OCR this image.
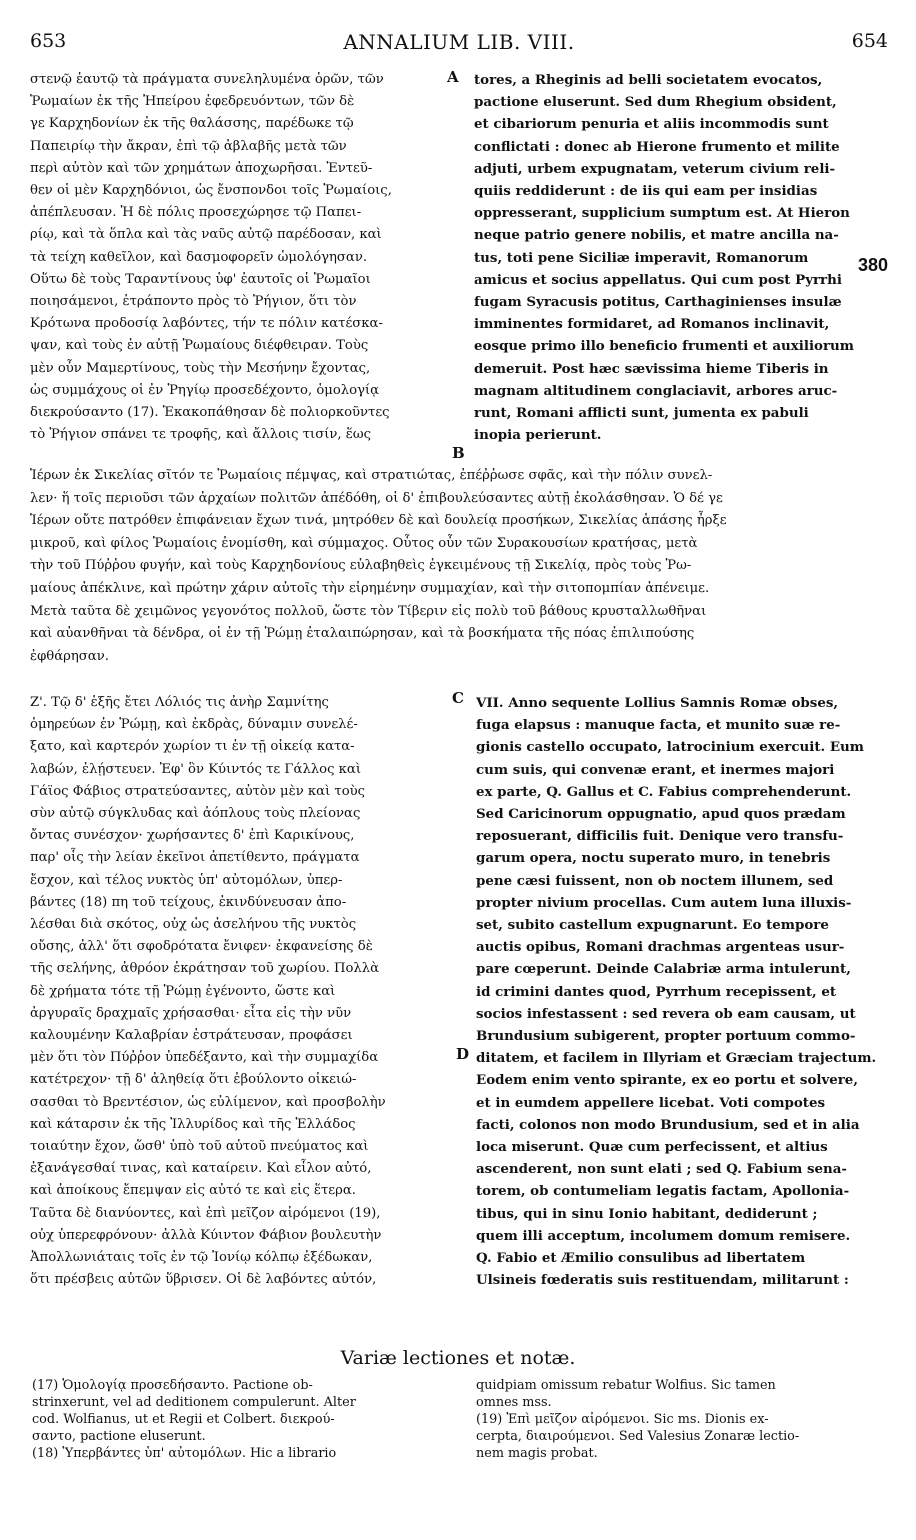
653	ANNALIUM LIB. VIII.	654
A
B
C
D
380
στενῷ ἑαυτῷ τὰ πράγματα συνεληλυμένα ὁρῶν, τῶν
Ῥωμαίων ἐκ τῆς Ἠπείρου ἐφεδρευόντων, τῶν δὲ
γε Καρχηδονίων ἐκ τῆς θαλάσσης, παρέδωκε τῷ
Παπειρίῳ τὴν ἄκραν, ἐπὶ τῷ ἀβλαβῆς μετὰ τῶν
περὶ αὐτὸν καὶ τῶν χρημάτων ἀποχωρῆσαι. Ἐντεῦ-
θεν οἱ μὲν Καρχηδόνιοι, ὡς ἔνσπονδοι τοῖς Ῥωμαίοις,
ἀπέπλευσαν. Ἡ δὲ πόλις προσεχώρησε τῷ Παπει-
ρίῳ, καὶ τὰ ὅπλα καὶ τὰς ναῦς αὐτῷ παρέδοσαν, καὶ
τὰ τείχη καθεῖλον, καὶ δασμοφορεῖν ὡμολόγησαν.
Οὕτω δὲ τοὺς Ταραντίνους ὑφ' ἑαυτοῖς οἱ Ῥωμαῖοι
ποιησάμενοι, ἐτράποντο πρὸς τὸ Ῥήγιον, ὅτι τὸν
Κρότωνα προδοσίᾳ λαβόντες, τήν τε πόλιν κατέσκα-
ψαν, καὶ τοὺς ἐν αὐτῇ Ῥωμαίους διέφθειραν. Τοὺς
μὲν οὖν Μαμερτίνους, τοὺς τὴν Μεσήνην ἔχοντας,
ὡς συμμάχους οἱ ἐν Ῥηγίῳ προσεδέχοντο, ὁμολογίᾳ
διεκρούσαντο (17). Ἐκακοπάθησαν δὲ πολιορκοῦντες
τὸ Ῥήγιον σπάνει τε τροφῆς, καὶ ἄλλοις τισίν, ἕως
tores, a Rheginis ad belli societatem evocatos,
pactione eluserunt. Sed dum Rhegium obsident,
et cibariorum penuria et aliis incommodis sunt
conflictati : donec ab Hierone frumento et milite
adjuti, urbem expugnatam, veterum civium reli-
quiis reddiderunt : de iis qui eam per insidias
oppresserant, supplicium sumptum est. At Hieron
neque patrio genere nobilis, et matre ancilla na-
tus, toti pene Siciliæ imperavit, Romanorum
amicus et socius appellatus. Qui cum post Pyrrhi
fugam Syracusis potitus, Carthaginienses insulæ
imminentes formidaret, ad Romanos inclinavit,
eosque primo illo beneficio frumenti et auxiliorum
demeruit. Post hæc sævissima hieme Tiberis in
magnam altitudinem conglaciavit, arbores aruc-
runt, Romani afflicti sunt, jumenta ex pabuli
inopia perierunt.
Ἱέρων ἐκ Σικελίας σῖτόν τε Ῥωμαίοις πέμψας, καὶ στρατιώτας, ἐπέῤῥωσε σφᾶς, καὶ τὴν πόλιν συνελ-
λεν· ἥ τοῖς περιοῦσι τῶν ἀρχαίων πολιτῶν ἀπέδόθη, οἱ δ' ἐπιβουλεύσαντες αὐτῇ ἐκολάσθησαν. Ὁ δέ γε
Ἱέρων οὔτε πατρόθεν ἐπιφάνειαν ἔχων τινά, μητρόθεν δὲ καὶ δουλείᾳ προσήκων, Σικελίας ἁπάσης ἦρξε
μικροῦ, καὶ φίλος Ῥωμαίοις ἐνομίσθη, καὶ σύμμαχος. Οὗτος οὖν τῶν Συρακουσίων κρατήσας, μετὰ
τὴν τοῦ Πύῤῥου φυγήν, καὶ τοὺς Καρχηδονίους εὐλαβηθεὶς ἐγκειμένους τῇ Σικελίᾳ, πρὸς τοὺς Ῥω-
μαίους ἀπέκλινε, καὶ πρώτην χάριν αὐτοῖς τὴν εἰρημένην συμμαχίαν, καὶ τὴν σιτοπομπίαν ἀπένειμε.
Μετὰ ταῦτα δὲ χειμῶνος γεγονότος πολλοῦ, ὥστε τὸν Τίβεριν εἰς πολὺ τοῦ βάθους κρυσταλλωθῆναι
καὶ αὐανθῆναι τὰ δένδρα, οἱ ἐν τῇ Ῥώμῃ ἐταλαιπώρησαν, καὶ τὰ βοσκήματα τῆς πόας ἐπιλιπούσης
ἐφθάρησαν.
Ζ'. Τῷ δ' ἑξῆς ἔτει Λόλιός τις ἀνὴρ Σαμνίτης
ὁμηρεύων ἐν Ῥώμῃ, καὶ ἐκδρὰς, δύναμιν συνελέ-
ξατο, καὶ καρτερόν χωρίον τι ἐν τῇ οἰκείᾳ κατα-
λαβών, ἐλῄστευεν. Ἐφ' ὃν Κύιντός τε Γάλλος καὶ
Γάϊος Φάβιος στρατεύσαντες, αὐτὸν μὲν καὶ τοὺς
σὺν αὐτῷ σύγκλυδας καὶ ἀόπλους τοὺς πλείονας
ὄντας συνέσχον· χωρήσαντες δ' ἐπὶ Καρικίνους,
παρ' οἷς τὴν λείαν ἐκεῖνοι ἀπετίθεντο, πράγματα
ἔσχον, καὶ τέλος νυκτὸς ὑπ' αὐτομόλων, ὑπερ-
βάντες (18) πη τοῦ τείχους, ἐκινδύνευσαν ἀπο-
λέσθαι διὰ σκότος, οὐχ ὡς ἀσελήνου τῆς νυκτὸς
οὔσης, ἀλλ' ὅτι σφοδρότατα ἔνιφεν· ἐκφανείσης δὲ
τῆς σελήνης, ἀθρόον ἐκράτησαν τοῦ χωρίου. Πολλὰ
δὲ χρήματα τότε τῇ Ῥώμῃ ἐγένοντο, ὥστε καὶ
ἀργυραῖς δραχμαῖς χρήσασθαι· εἶτα εἰς τὴν νῦν
καλουμένην Καλαβρίαν ἐστράτευσαν, προφάσει
μὲν ὅτι τὸν Πύῤῥον ὑπεδέξαντο, καὶ τὴν συμμαχίδα
κατέτρεχον· τῇ δ' ἀληθείᾳ ὅτι ἐβούλοντο οἰκειώ-
σασθαι τὸ Βρεντέσιον, ὡς εὐλίμενον, καὶ προσβολὴν
καὶ κάταρσιν ἐκ τῆς Ἰλλυρίδος καὶ τῆς Ἑλλάδος
τοιαύτην ἔχον, ὥσθ' ὑπὸ τοῦ αὐτοῦ πνεύματος καὶ
ἐξανάγεσθαί τινας, καὶ καταίρειν. Καὶ εἷλον αὐτό,
καὶ ἀποίκους ἔπεμψαν εἰς αὐτό τε καὶ εἰς ἕτερα.
Ταῦτα δὲ διανύοντες, καὶ ἐπὶ μεῖζον αἰρόμενοι (19),
οὐχ ὑπερεφρόνουν· ἀλλὰ Κύιντον Φάβιον βουλευτὴν
Ἀπολλωνιάταις τοῖς ἐν τῷ Ἰονίῳ κόλπῳ ἐξέδωκαν,
ὅτι πρέσβεις αὐτῶν ὕβρισεν. Οἱ δὲ λαβόντες αὐτόν,
VII. Anno sequente Lollius Samnis Romæ obses,
fuga elapsus : manuque facta, et munito suæ re-
gionis castello occupato, latrocinium exercuit. Eum
cum suis, qui convenæ erant, et inermes majori
ex parte, Q. Gallus et C. Fabius comprehenderunt.
Sed Caricinorum oppugnatio, apud quos prædam
reposuerant, difficilis fuit. Denique vero transfu-
garum opera, noctu superato muro, in tenebris
pene cæsi fuissent, non ob noctem illunem, sed
propter nivium procellas. Cum autem luna illuxis-
set, subito castellum expugnarunt. Eo tempore
auctis opibus, Romani drachmas argenteas usur-
pare cœperunt. Deinde Calabriæ arma intulerunt,
id crimini dantes quod, Pyrrhum recepissent, et
socios infestassent : sed revera ob eam causam, ut
Brundusium subigerent, propter portuum commo-
ditatem, et facilem in Illyriam et Græciam trajectum.
Eodem enim vento spirante, ex eo portu et solvere,
et in eumdem appellere licebat. Voti compotes
facti, colonos non modo Brundusium, sed et in alia
loca miserunt. Quæ cum perfecissent, et altius
ascenderent, non sunt elati ; sed Q. Fabium sena-
torem, ob contumeliam legatis factam, Apolloniа-
tibus, qui in sinu Ionio habitant, dediderunt ;
quem illi acceptum, incolumem domum remisere.
Q. Fabio et Æmilio consulibus ad libertatem
Ulsineis fœderatis suis restituendam, militarunt :
Variæ lectiones et notæ.
(17) Ὁμολογίᾳ προσεδήσαντο. Pactione ob-
strinxerunt, vel ad deditionem compulerunt. Alter
cod. Wolfianus, ut et Regii et Colbert. διεκρού-
σαντο, pactione eluserunt.
(18) Ὑπερβάντες ὑπ' αὐτομόλων. Hic a librario
quidpiam omissum rebatur Wolfius. Sic tamen
omnes mss.
(19) Ἐπὶ μεῖζον αἰρόμενοι. Sic ms. Dionis ex-
cerpta, διαιρούμενοι. Sed Valesius Zonaræ lectio-
nem magis probat.
